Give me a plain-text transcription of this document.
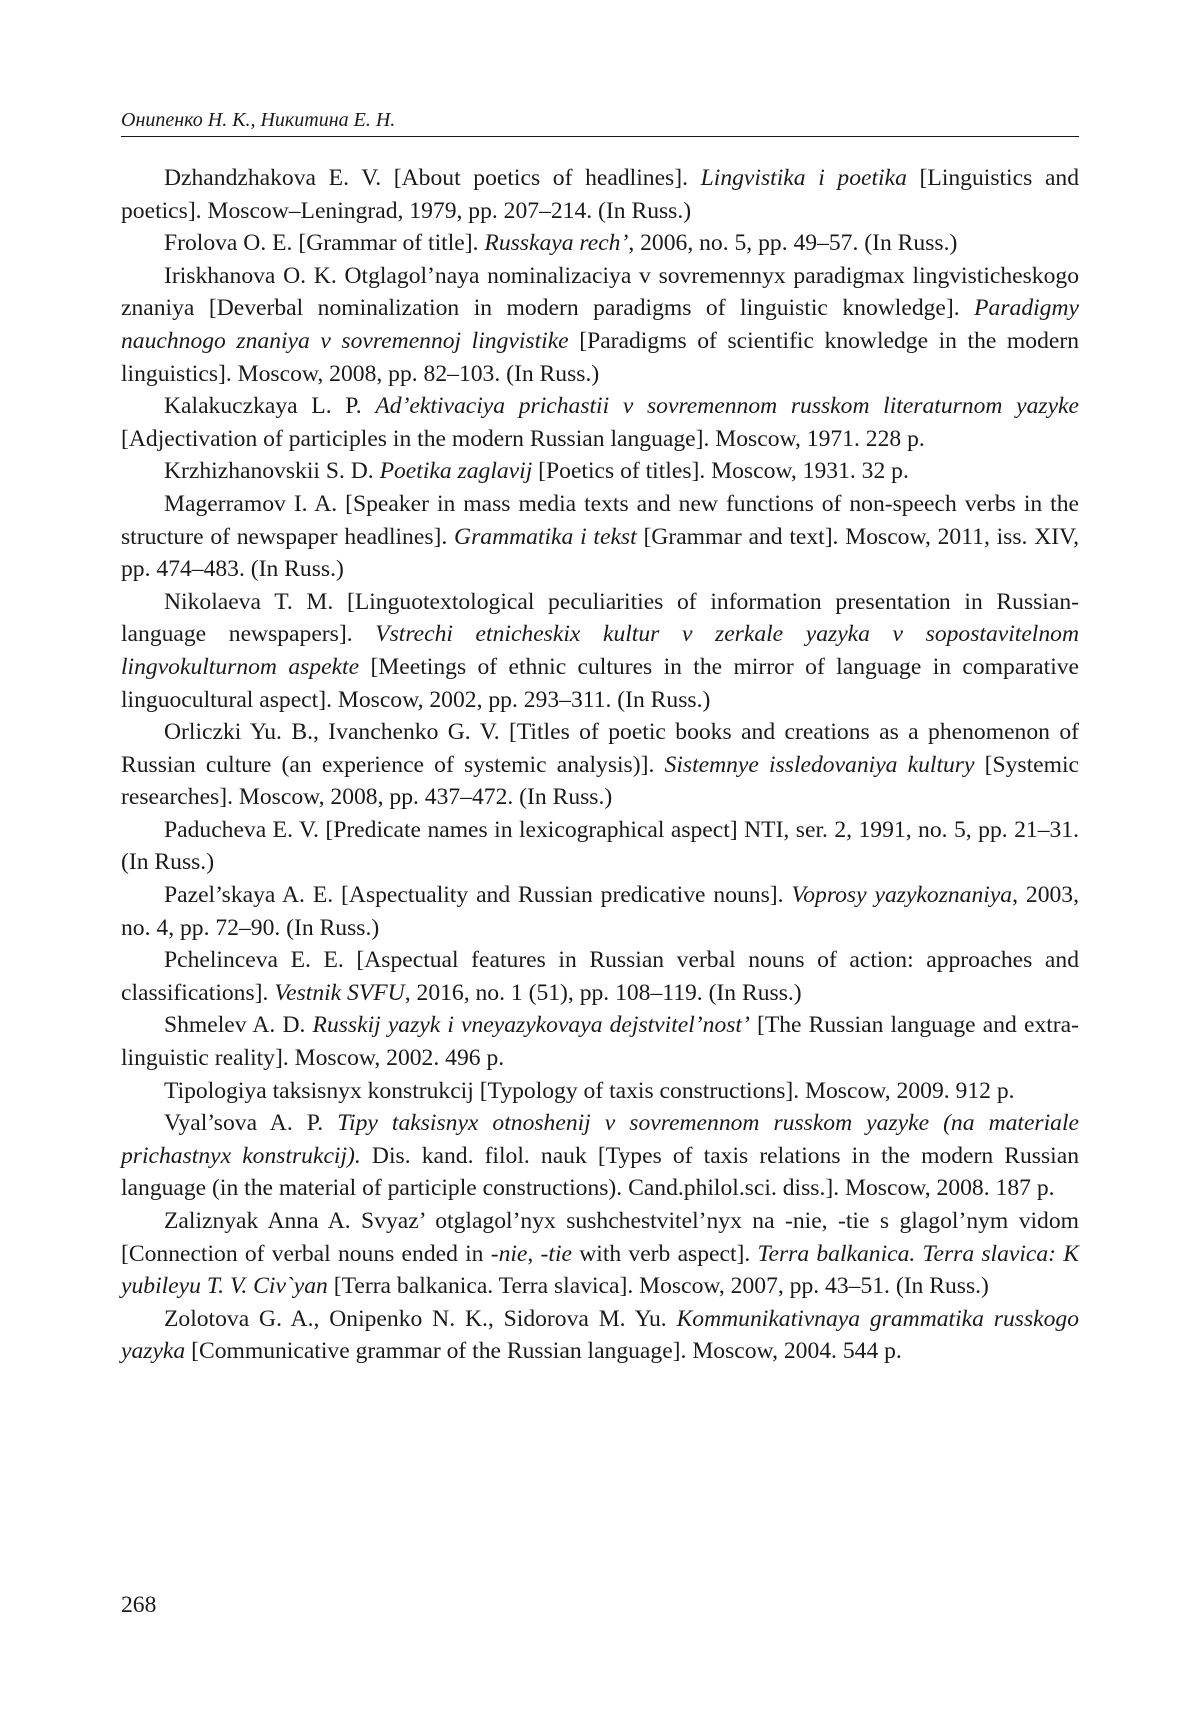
Онипенко Н. К., Никитина Е. Н.

Dzhandzhakova E. V. [About poetics of headlines]. Lingvistika i poetika [Linguistics and poetics]. Moscow–Leningrad, 1979, pp. 207–214. (In Russ.)

Frolova O. E. [Grammar of title]. Russkaya rech’, 2006, no. 5, pp. 49–57. (In Russ.)

Iriskhanova O. K. Otglagol’naya nominalizaciya v sovremennyx paradigmax lingvisticheskogo znaniya [Deverbal nominalization in modern paradigms of linguistic knowledge]. Paradigmy nauchnogo znaniya v sovremennoj lingvistike [Paradigms of scientific knowledge in the modern linguistics]. Moscow, 2008, pp. 82–103. (In Russ.)

Kalakuczkaya L. P. Ad’ektivaciya prichastii v sovremennom russkom literaturnom yazyke [Adjectivation of participles in the modern Russian language]. Moscow, 1971. 228 p.

Krzhizhanovskii S. D. Poetika zaglavij [Poetics of titles]. Moscow, 1931. 32 p.

Magerramov I. A. [Speaker in mass media texts and new functions of non-speech verbs in the structure of newspaper headlines]. Grammatika i tekst [Grammar and text]. Moscow, 2011, iss. XIV, pp. 474–483. (In Russ.)

Nikolaeva T. M. [Linguotextological peculiarities of information presentation in Russian-language newspapers]. Vstrechi etnicheskix kultur v zerkale yazyka v sopostavitelnom lingvokulturnom aspekte [Meetings of ethnic cultures in the mirror of language in comparative linguocultural aspect]. Moscow, 2002, pp. 293–311. (In Russ.)

Orliczki Yu. B., Ivanchenko G. V. [Titles of poetic books and creations as a phenomenon of Russian culture (an experience of systemic analysis)]. Sistemnye issledovaniya kultury [Systemic researches]. Moscow, 2008, pp. 437–472. (In Russ.)

Paducheva E. V. [Predicate names in lexicographical aspect] NTI, ser. 2, 1991, no. 5, pp. 21–31. (In Russ.)

Pazel’skaya A. E. [Aspectuality and Russian predicative nouns]. Voprosy yazykoznaniya, 2003, no. 4, pp. 72–90. (In Russ.)

Pchelinceva E. E. [Aspectual features in Russian verbal nouns of action: approaches and classifications]. Vestnik SVFU, 2016, no. 1 (51), pp. 108–119. (In Russ.)

Shmelev A. D. Russkij yazyk i vneyazykovaya dejstvitel’nost’ [The Russian language and extra-linguistic reality]. Moscow, 2002. 496 p.

Tipologiya taksisnyx konstrukcij [Typology of taxis constructions]. Moscow, 2009. 912 p.

Vyal’sova A. P. Tipy taksisnyx otnoshenij v sovremennom russkom yazyke (na materiale prichastnyx konstrukcij). Dis. kand. filol. nauk [Types of taxis relations in the modern Russian language (in the material of participle constructions). Cand.philol.sci. diss.]. Moscow, 2008. 187 p.

Zaliznyak Anna A. Svyaz’ otglagol’nyx sushchestvitel’nyx na -nie, -tie s glagol’nym vidom [Connection of verbal nouns ended in -nie, -tie with verb aspect]. Terra balkanica. Terra slavica: K yubileyu T. V. Civ`yan [Terra balkanica. Terra slavica]. Moscow, 2007, pp. 43–51. (In Russ.)

Zolotova G. A., Onipenko N. K., Sidorova M. Yu. Kommunikativnaya grammatika russkogo yazyka [Communicative grammar of the Russian language]. Moscow, 2004. 544 p.

268
